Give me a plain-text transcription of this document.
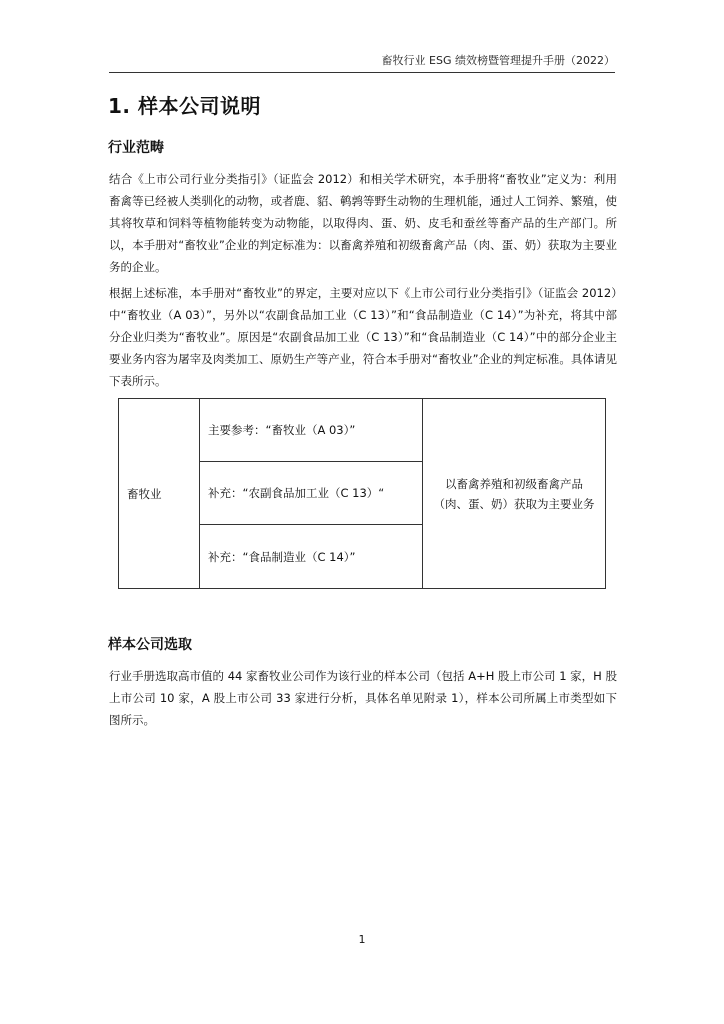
畜牧行业 ESG 绩效榜暨管理提升手册（2022）
1. 样本公司说明
行业范畴

结合《上市公司行业分类指引》（证监会 2012）和相关学术研究，本手册将“畜牧业”定义为：利用畜禽等已经被人类驯化的动物，或者鹿、貂、鹌鹑等野生动物的生理机能，通过人工饲养、繁殖，使其将牧草和饲料等植物能转变为动物能，以取得肉、蛋、奶、皮毛和蚕丝等畜产品的生产部门。所以，本手册对“畜牧业”企业的判定标准为：以畜禽养殖和初级畜禽产品（肉、蛋、奶）获取为主要业务的企业。

根据上述标准，本手册对“畜牧业”的界定，主要对应以下《上市公司行业分类指引》（证监会 2012）中“畜牧业（A 03）”，另外以“农副食品加工业（C 13）”和“食品制造业（C 14）”为补充，将其中部分企业归类为“畜牧业”。原因是“农副食品加工业（C 13）”和“食品制造业（C 14）”中的部分企业主要业务内容为屠宰及肉类加工、原奶生产等产业，符合本手册对“畜牧业”企业的判定标准。具体请见下表所示。

畜牧业	主要参考：“畜牧业（A 03）”	以畜禽养殖和初级畜禽产品（肉、蛋、奶）获取为主要业务
补充：“农副食品加工业（C 13）“
补充：“食品制造业（C 14）”
样本公司选取

行业手册选取高市值的 44 家畜牧业公司作为该行业的样本公司（包括 A+H 股上市公司 1 家，H 股上市公司 10 家，A 股上市公司 33 家进行分析，具体名单见附录 1），样本公司所属上市类型如下图所示。

1
